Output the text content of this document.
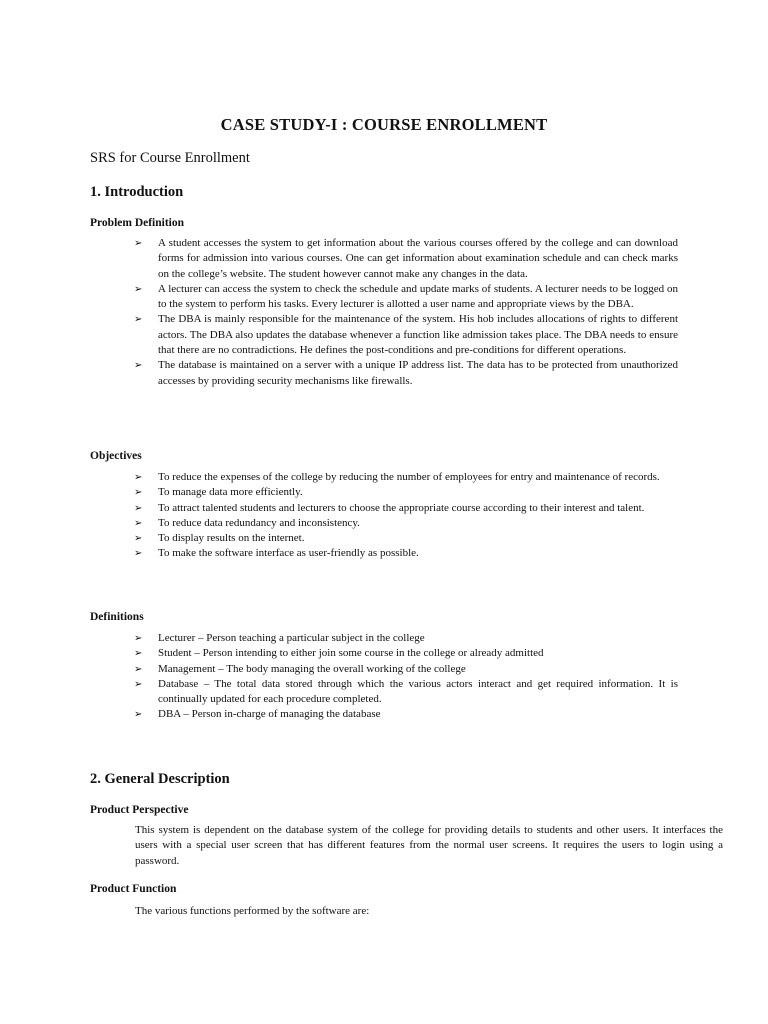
CASE STUDY-I : COURSE ENROLLMENT
SRS for Course Enrollment
1. Introduction
Problem Definition
➢ A student accesses the system to get information about the various courses offered by the college and can download forms for admission into various courses. One can get information about examination schedule and can check marks on the college’s website. The student however cannot make any changes in the data.
➢ A lecturer can access the system to check the schedule and update marks of students. A lecturer needs to be logged on to the system to perform his tasks. Every lecturer is allotted a user name and appropriate views by the DBA.
➢ The DBA is mainly responsible for the maintenance of the system. His hob includes allocations of rights to different actors. The DBA also updates the database whenever a function like admission takes place. The DBA needs to ensure that there are no contradictions. He defines the post-conditions and pre-conditions for different operations.
➢ The database is maintained on a server with a unique IP address list. The data has to be protected from unauthorized accesses by providing security mechanisms like firewalls.
Objectives
➢ To reduce the expenses of the college by reducing the number of employees for entry and maintenance of records.
➢ To manage data more efficiently.
➢ To attract talented students and lecturers to choose the appropriate course according to their interest and talent.
➢ To reduce data redundancy and inconsistency.
➢ To display results on the internet.
➢ To make the software interface as user-friendly as possible.
Definitions
➢ Lecturer – Person teaching a particular subject in the college
➢ Student – Person intending to either join some course in the college or already admitted
➢ Management – The body managing the overall working of the college
➢ Database – The total data stored through which the various actors interact and get required information. It is continually updated for each procedure completed.
➢ DBA – Person in-charge of managing the database
2. General Description
Product Perspective
This system is dependent on the database system of the college for providing details to students and other users. It interfaces the users with a special user screen that has different features from the normal user screens. It requires the users to login using a password.
Product Function
The various functions performed by the software are:
